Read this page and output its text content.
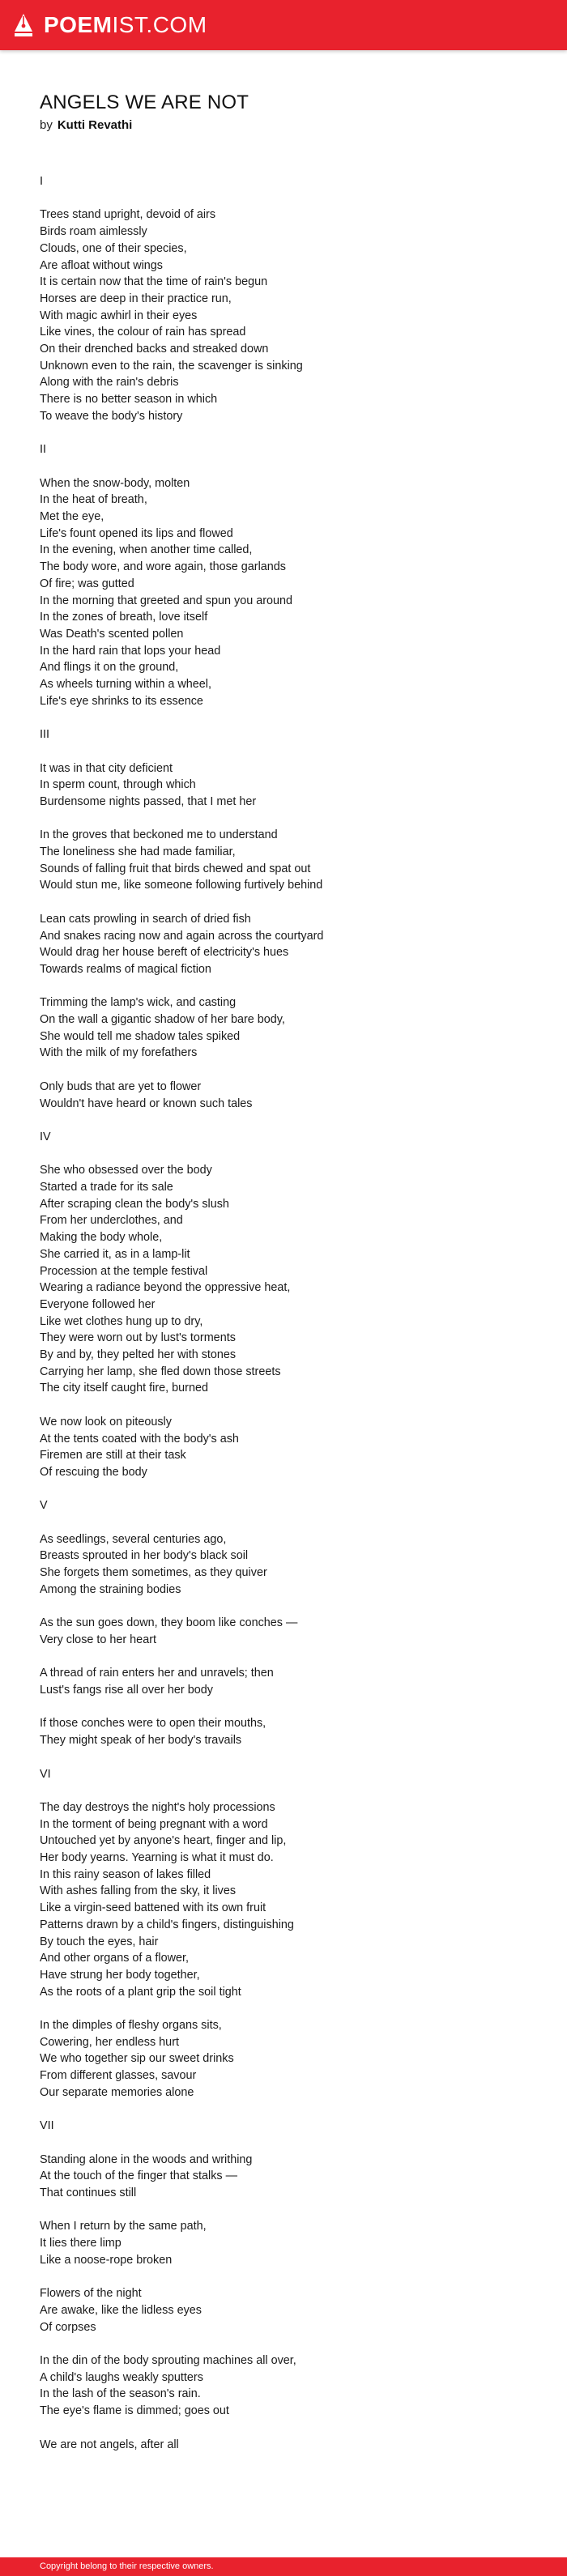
POEMIST.COM
ANGELS WE ARE NOT
by Kutti Revathi
I
Trees stand upright, devoid of airs
Birds roam aimlessly
Clouds, one of their species,
Are afloat without wings
It is certain now that the time of rain's begun
Horses are deep in their practice run,
With magic awhirl in their eyes
Like vines, the colour of rain has spread
On their drenched backs and streaked down
Unknown even to the rain, the scavenger is sinking
Along with the rain's debris
There is no better season in which
To weave the body's history
II
When the snow-body, molten
In the heat of breath,
Met the eye,
Life's fount opened its lips and flowed
In the evening, when another time called,
The body wore, and wore again, those garlands
Of fire; was gutted
In the morning that greeted and spun you around
In the zones of breath, love itself
Was Death's scented pollen
In the hard rain that lops your head
And flings it on the ground,
As wheels turning within a wheel,
Life's eye shrinks to its essence
III
It was in that city deficient
In sperm count, through which
Burdensome nights passed, that I met her
In the groves that beckoned me to understand
The loneliness she had made familiar,
Sounds of falling fruit that birds chewed and spat out
Would stun me, like someone following furtively behind
Lean cats prowling in search of dried fish
And snakes racing now and again across the courtyard
Would drag her house bereft of electricity's hues
Towards realms of magical fiction
Trimming the lamp's wick, and casting
On the wall a gigantic shadow of her bare body,
She would tell me shadow tales spiked
With the milk of my forefathers
Only buds that are yet to flower
Wouldn't have heard or known such tales
IV
She who obsessed over the body
Started a trade for its sale
After scraping clean the body's slush
From her underclothes, and
Making the body whole,
She carried it, as in a lamp-lit
Procession at the temple festival
Wearing a radiance beyond the oppressive heat,
Everyone followed her
Like wet clothes hung up to dry,
They were worn out by lust's torments
By and by, they pelted her with stones
Carrying her lamp, she fled down those streets
The city itself caught fire, burned
We now look on piteously
At the tents coated with the body's ash
Firemen are still at their task
Of rescuing the body
V
As seedlings, several centuries ago,
Breasts sprouted in her body's black soil
She forgets them sometimes, as they quiver
Among the straining bodies
As the sun goes down, they boom like conches —
Very close to her heart
A thread of rain enters her and unravels; then
Lust's fangs rise all over her body
If those conches were to open their mouths,
They might speak of her body's travails
VI
The day destroys the night's holy processions
In the torment of being pregnant with a word
Untouched yet by anyone's heart, finger and lip,
Her body yearns. Yearning is what it must do.
In this rainy season of lakes filled
With ashes falling from the sky, it lives
Like a virgin-seed battened with its own fruit
Patterns drawn by a child's fingers, distinguishing
By touch the eyes, hair
And other organs of a flower,
Have strung her body together,
As the roots of a plant grip the soil tight
In the dimples of fleshy organs sits,
Cowering, her endless hurt
We who together sip our sweet drinks
From different glasses, savour
Our separate memories alone
VII
Standing alone in the woods and writhing
At the touch of the finger that stalks —
That continues still
When I return by the same path,
It lies there limp
Like a noose-rope broken
Flowers of the night
Are awake, like the lidless eyes
Of corpses
In the din of the body sprouting machines all over,
A child's laughs weakly sputters
In the lash of the season's rain.
The eye's flame is dimmed; goes out
We are not angels, after all
Copyright belong to their respective owners.
